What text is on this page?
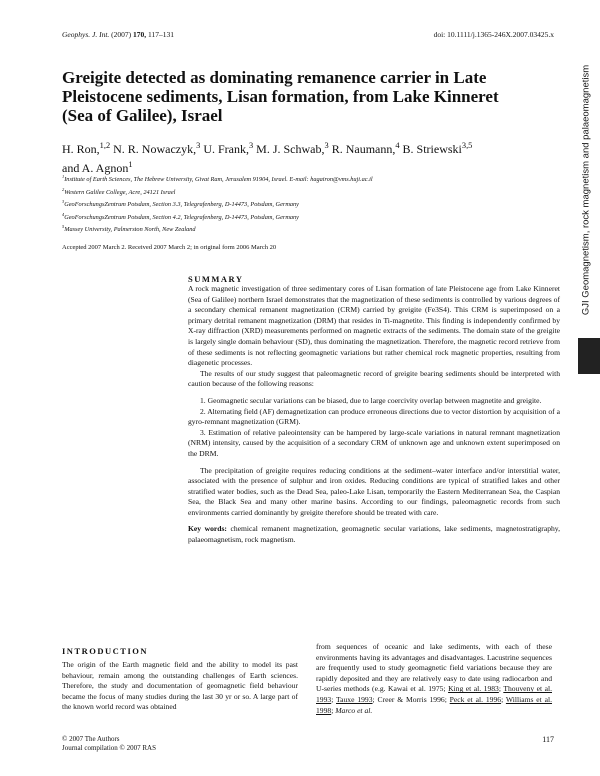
Geophys. J. Int. (2007) 170, 117–131	doi: 10.1111/j.1365-246X.2007.03425.x
GJI Geomagnetism, rock magnetism and palaeomagnetism
Greigite detected as dominating remanence carrier in Late Pleistocene sediments, Lisan formation, from Lake Kinneret (Sea of Galilee), Israel
H. Ron,$^{1,2}$ N. R. Nowaczyk,$^3$ U. Frank,$^3$ M. J. Schwab,$^3$ R. Naumann,$^4$ B. Striewski$^{3,5}$
and A. Agnon$^1$
$^1$Institute of Earth Sciences, The Hebrew University, Givat Ram, Jerusalem 91904, Israel. E-mail: hagairon@vms.huji.ac.il
$^2$Western Galilee College, Acre, 24121 Israel
$^3$GeoForschungsZentrum Potsdam, Section 3.3, Telegrafenberg, D-14473, Potsdam, Germany
$^4$GeoForschungsZentrum Potsdam, Section 4.2, Telegrafenberg, D-14473, Potsdam, Germany
$^5$Massey University, Palmerston North, New Zealand
Accepted 2007 March 2. Received 2007 March 2; in original form 2006 March 20
SUMMARY

A rock magnetic investigation of three sedimentary cores of Lisan formation of late Pleistocene age from Lake Kinneret (Sea of Galilee) northern Israel demonstrates that the magnetization of these sediments is controlled by various degrees of a secondary chemical remanent magnetization (CRM) carried by greigite (Fe3S4). This CRM is superimposed on a primary detrital remanent magnetization (DRM) that resides in Ti-magnetite. This finding is independently confirmed by X-ray diffraction (XRD) measurements performed on magnetic extracts of the sediments. The domain state of the greigite is largely single domain behaviour (SD), thus dominating the magnetization. Therefore, the magnetic record retrieve from of these sediments is not reflecting geomagnetic variations but rather chemical rock magnetic properties, resulting from diagenetic processes.

The results of our study suggest that paleomagnetic record of greigite bearing sediments should be interpreted with caution because of the following reasons:

1. Geomagnetic secular variations can be biased, due to large coercivity overlap between magnetite and greigite.

2. Alternating field (AF) demagnetization can produce erroneous directions due to vector distortion by acquisition of a gyro-remnant magnetization (GRM).

3. Estimation of relative paleointensity can be hampered by large-scale variations in natural remnant magnetization (NRM) intensity, caused by the acquisition of a secondary CRM of unknown age and unknown extent superimposed on the DRM.

The precipitation of greigite requires reducing conditions at the sediment–water interface and/or interstitial water, associated with the presence of sulphur and iron oxides. Reducing conditions are typical of stratified lakes and other stratified water bodies, such as the Dead Sea, paleo-Lake Lisan, temporarily the Eastern Mediterranean Sea, the Caspian Sea, the Black Sea and many other marine basins. According to our findings, paleomagnetic records from such environments carried dominantly by greigite therefore should be treated with care.

Key words: chemical remanent magnetization, geomagnetic secular variations, lake sediments, magnetostratigraphy, palaeomagnetism, rock magnetism.

INTRODUCTION
The origin of the Earth magnetic field and the ability to model its past behaviour, remain among the outstanding challenges of Earth sciences. Therefore, the study and documentation of geomagnetic field behaviour became the focus of many studies during the last 30 yr or so. A large part of the known world record was obtained
from sequences of oceanic and lake sediments, with each of these environments having its advantages and disadvantages. Lacustrine sequences are frequently used to study geomagnetic field variations because they are rapidly deposited and they are relatively easy to date using radiocarbon and U-series methods (e.g. Kawai et al. 1975; King et al. 1983; Thouveny et al. 1993; Tauxe 1993; Creer & Morris 1996; Peck et al. 1996; Williams et al. 1998; Marco et al.
© 2007 The Authors
Journal compilation © 2007 RAS
117
